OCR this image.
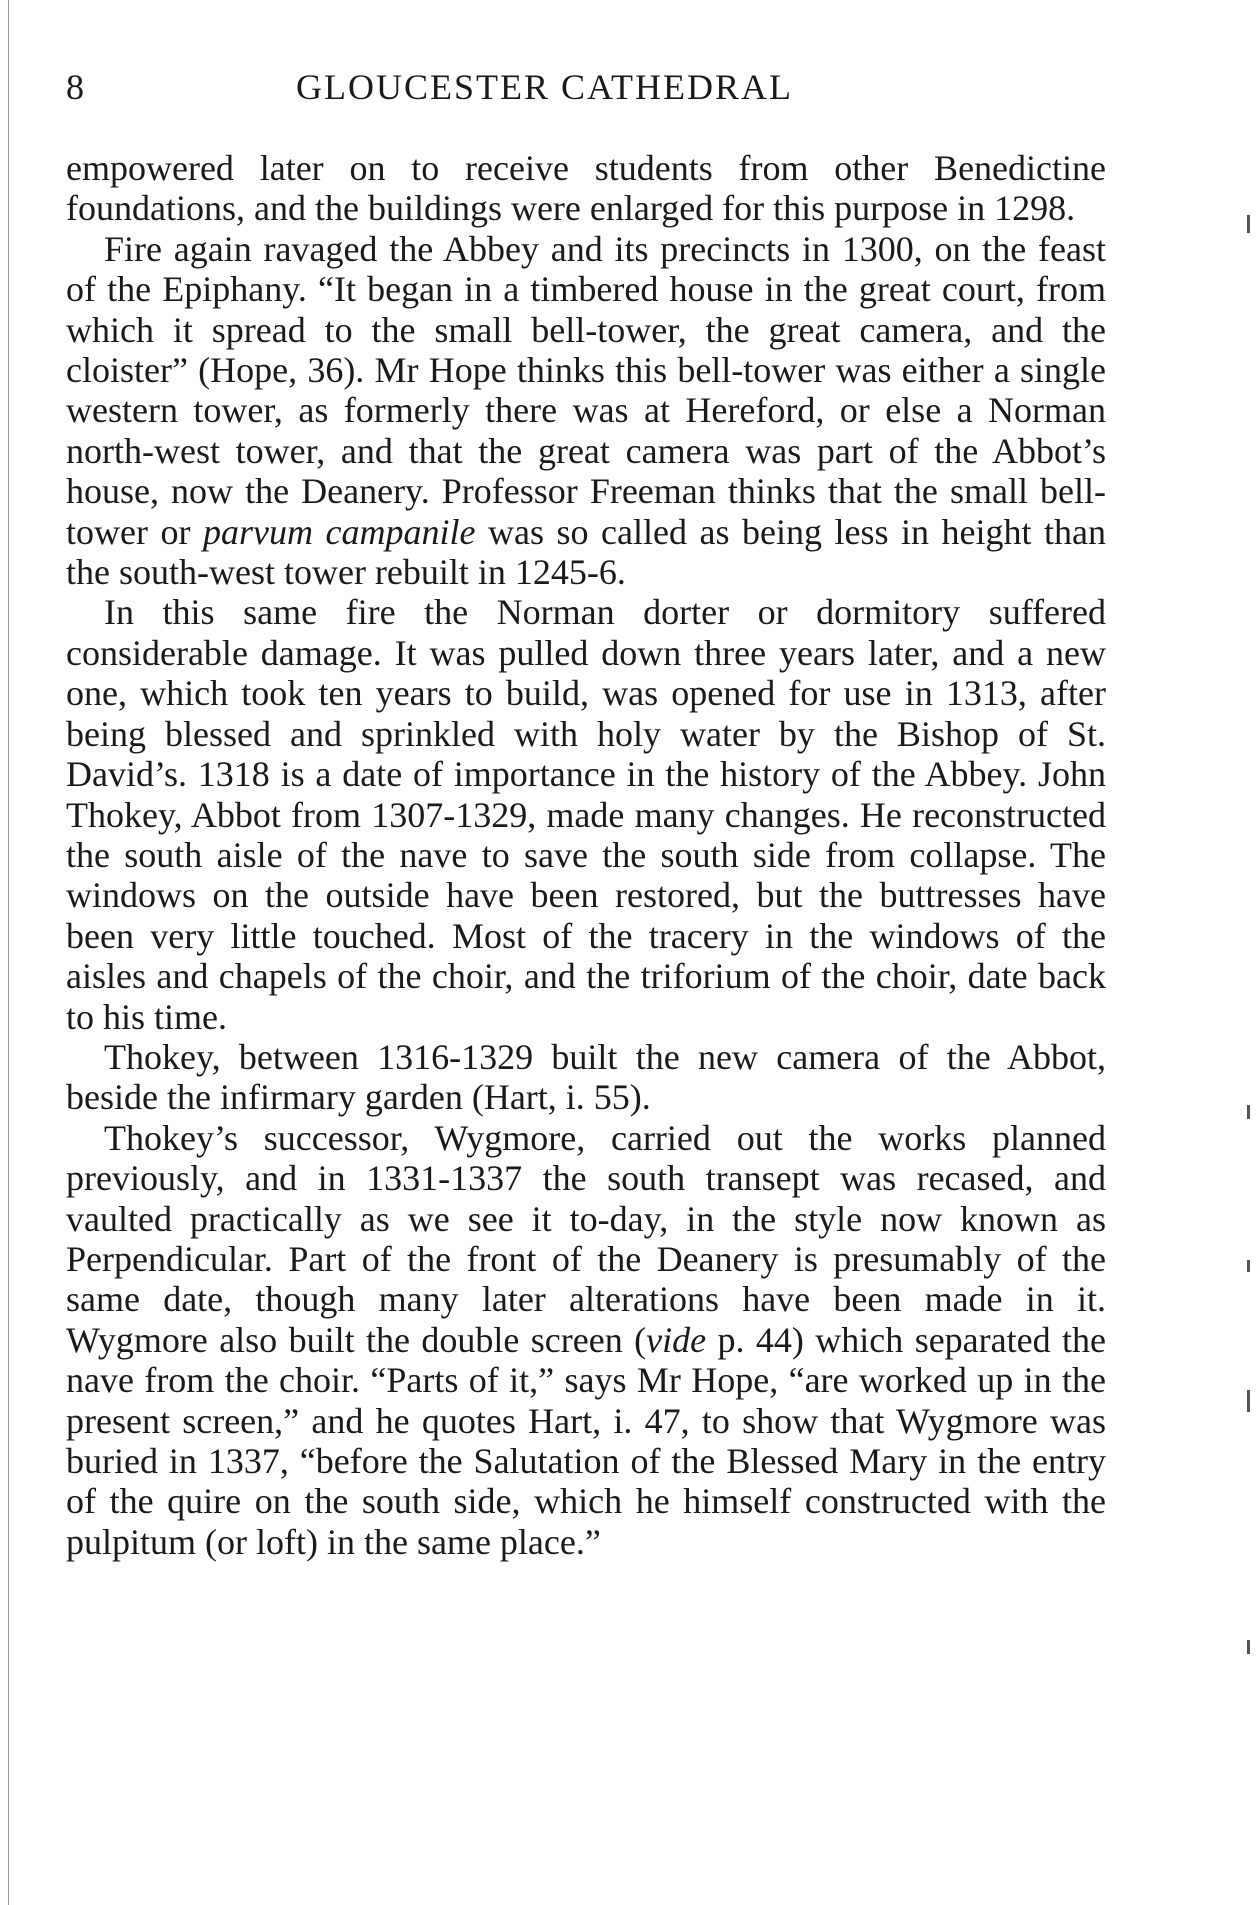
8	GLOUCESTER CATHEDRAL

empowered later on to receive students from other Benedictine foundations, and the buildings were enlarged for this purpose in 1298.

Fire again ravaged the Abbey and its precincts in 1300, on the feast of the Epiphany. “It began in a timbered house in the great court, from which it spread to the small bell-tower, the great camera, and the cloister” (Hope, 36). Mr Hope thinks this bell-tower was either a single western tower, as formerly there was at Hereford, or else a Norman north-west tower, and that the great camera was part of the Abbot’s house, now the Deanery. Professor Freeman thinks that the small bell-tower or parvum campanile was so called as being less in height than the south-west tower rebuilt in 1245-6.

In this same fire the Norman dorter or dormitory suffered considerable damage. It was pulled down three years later, and a new one, which took ten years to build, was opened for use in 1313, after being blessed and sprinkled with holy water by the Bishop of St. David’s. 1318 is a date of importance in the history of the Abbey. John Thokey, Abbot from 1307-1329, made many changes. He reconstructed the south aisle of the nave to save the south side from collapse. The windows on the outside have been restored, but the buttresses have been very little touched. Most of the tracery in the windows of the aisles and chapels of the choir, and the triforium of the choir, date back to his time.

Thokey, between 1316-1329 built the new camera of the Abbot, beside the infirmary garden (Hart, i. 55).

Thokey’s successor, Wygmore, carried out the works planned previously, and in 1331-1337 the south transept was recased, and vaulted practically as we see it to-day, in the style now known as Perpendicular. Part of the front of the Deanery is presumably of the same date, though many later alterations have been made in it. Wygmore also built the double screen (vide p. 44) which separated the nave from the choir. “Parts of it,” says Mr Hope, “are worked up in the present screen,” and he quotes Hart, i. 47, to show that Wygmore was buried in 1337, “before the Salutation of the Blessed Mary in the entry of the quire on the south side, which he himself constructed with the pulpitum (or loft) in the same place.”
